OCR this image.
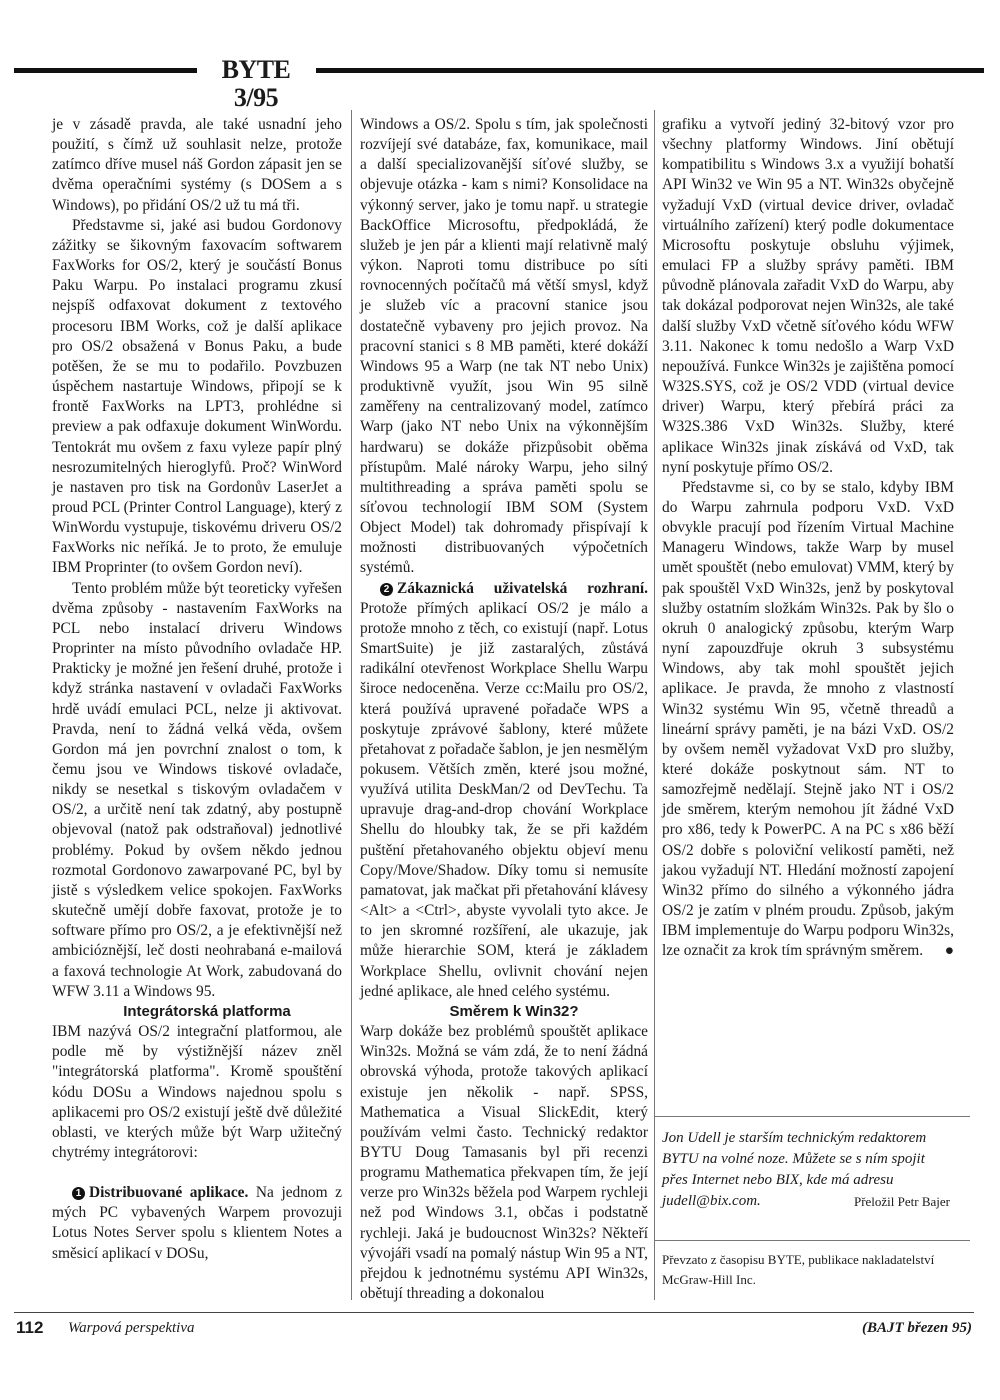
BYTE 3/95

je v zásadě pravda, ale také usnadní jeho použití, s čímž už souhlasit nelze, protože zatímco dříve musel náš Gordon zápasit jen se dvěma operačními systémy (s DOSem a s Windows), po přidání OS/2 už tu má tři.

Představme si, jaké asi budou Gordonovy zážitky se šikovným faxovacím softwarem FaxWorks for OS/2, který je součástí Bonus Paku Warpu. Po instalaci programu zkusí nejspíš odfaxovat dokument z textového procesoru IBM Works, což je další aplikace pro OS/2 obsažená v Bonus Paku, a bude potěšen, že se mu to podařilo. Povzbuzen úspěchem nastartuje Windows, připojí se k frontě FaxWorks na LPT3, prohlédne si preview a pak odfaxuje dokument WinWordu. Tentokrát mu ovšem z faxu vyleze papír plný nesrozumitelných hieroglyfů. Proč? WinWord je nastaven pro tisk na Gordonův LaserJet a proud PCL (Printer Control Language), který z WinWordu vystupuje, tiskovému driveru OS/2 FaxWorks nic neříká. Je to proto, že emuluje IBM Proprinter (to ovšem Gordon neví).

Tento problém může být teoreticky vyřešen dvěma způsoby - nastavením FaxWorks na PCL nebo instalací driveru Windows Proprinter na místo původního ovladače HP. Prakticky je možné jen řešení druhé, protože i když stránka nastavení v ovladači FaxWorks hrdě uvádí emulaci PCL, nelze ji aktivovat. Pravda, není to žádná velká věda, ovšem Gordon má jen povrchní znalost o tom, k čemu jsou ve Windows tiskové ovladače, nikdy se nesetkal s tiskovým ovladačem v OS/2, a určitě není tak zdatný, aby postupně objevoval (natož pak odstraňoval) jednotlivé problémy. Pokud by ovšem někdo jednou rozmotal Gordonovo zawarpované PC, byl by jistě s výsledkem velice spokojen. FaxWorks skutečně umějí dobře faxovat, protože je to software přímo pro OS/2, a je efektivnější než ambicióznější, leč dosti neohrabaná e-mailová a faxová technologie At Work, zabudovaná do WFW 3.11 a Windows 95.

Integrátorská platforma

IBM nazývá OS/2 integrační platformou, ale podle mě by výstižnější název zněl "integrátorská platforma". Kromě spouštění kódu DOSu a Windows najednou spolu s aplikacemi pro OS/2 existují ještě dvě důležité oblasti, ve kterých může být Warp užitečný chytrémy integrátorovi:

1 Distribuované aplikace. Na jednom z mých PC vybavených Warpem provozuji Lotus Notes Server spolu s klientem Notes a směsicí aplikací v DOSu,

Windows a OS/2. Spolu s tím, jak společnosti rozvíjejí své databáze, fax, komunikace, mail a další specializovanější síťové služby, se objevuje otázka - kam s nimi? Konsolidace na výkonný server, jako je tomu např. u strategie BackOffice Microsoftu, předpokládá, že služeb je jen pár a klienti mají relativně malý výkon. Naproti tomu distribuce po síti rovnocenných počítačů má větší smysl, když je služeb víc a pracovní stanice jsou dostatečně vybaveny pro jejich provoz. Na pracovní stanici s 8 MB paměti, které dokáží Windows 95 a Warp (ne tak NT nebo Unix) produktivně využít, jsou Win 95 silně zaměřeny na centralizovaný model, zatímco Warp (jako NT nebo Unix na výkonnějším hardwaru) se dokáže přizpůsobit oběma přístupům. Malé nároky Warpu, jeho silný multithreading a správa paměti spolu se síťovou technologií IBM SOM (System Object Model) tak dohromady přispívají k možnosti distribuovaných výpočetních systémů.

2 Zákaznická uživatelská rozhraní. Protože přímých aplikací OS/2 je málo a protože mnoho z těch, co existují (např. Lotus SmartSuite) je již zastaralých, zůstává radikální otevřenost Workplace Shellu Warpu široce nedoceněna. Verze cc:Mailu pro OS/2, která používá upravené pořadače WPS a poskytuje zprávové šablony, které můžete přetahovat z pořadače šablon, je jen nesmělým pokusem. Větších změn, které jsou možné, využívá utilita DeskMan/2 od DevTechu. Ta upravuje drag-and-drop chování Workplace Shellu do hloubky tak, že se při každém puštění přetahovaného objektu objeví menu Copy/Move/Shadow. Díky tomu si nemusíte pamatovat, jak mačkat při přetahování klávesy <Alt> a <Ctrl>, abyste vyvolali tyto akce. Je to jen skromné rozšíření, ale ukazuje, jak může hierarchie SOM, která je základem Workplace Shellu, ovlivnit chování nejen jedné aplikace, ale hned celého systému.

Směrem k Win32?

Warp dokáže bez problémů spouštět aplikace Win32s. Možná se vám zdá, že to není žádná obrovská výhoda, protože takových aplikací existuje jen několik - např. SPSS, Mathematica a Visual SlickEdit, který používám velmi často. Technický redaktor BYTU Doug Tamasanis byl při recenzi programu Mathematica překvapen tím, že její verze pro Win32s běžela pod Warpem rychleji než pod Windows 3.1, občas i podstatně rychleji. Jaká je budoucnost Win32s? Někteří vývojáři vsadí na pomalý nástup Win 95 a NT, přejdou k jednotnému systému API Win32s, obětují threading a dokonalou

grafiku a vytvoří jediný 32-bitový vzor pro všechny platformy Windows. Jiní obětují kompatibilitu s Windows 3.x a využijí bohatší API Win32 ve Win 95 a NT. Win32s obyčejně vyžadují VxD (virtual device driver, ovladač virtuálního zařízení) který podle dokumentace Microsoftu poskytuje obsluhu výjimek, emulaci FP a služby správy paměti. IBM původně plánovala zařadit VxD do Warpu, aby tak dokázal podporovat nejen Win32s, ale také další služby VxD včetně síťového kódu WFW 3.11. Nakonec k tomu nedošlo a Warp VxD nepoužívá. Funkce Win32s je zajištěna pomocí W32S.SYS, což je OS/2 VDD (virtual device driver) Warpu, který přebírá práci za W32S.386 VxD Win32s. Služby, které aplikace Win32s jinak získává od VxD, tak nyní poskytuje přímo OS/2.

Představme si, co by se stalo, kdyby IBM do Warpu zahrnula podporu VxD. VxD obvykle pracují pod řízením Virtual Machine Manageru Windows, takže Warp by musel umět spouštět (nebo emulovat) VMM, který by pak spouštěl VxD Win32s, jenž by poskytoval služby ostatním složkám Win32s. Pak by šlo o okruh 0 analogický způsobu, kterým Warp nyní zapouzdřuje okruh 3 subsystému Windows, aby tak mohl spouštět jejich aplikace. Je pravda, že mnoho z vlastností Win32 systému Win 95, včetně threadů a lineární správy paměti, je na bázi VxD. OS/2 by ovšem neměl vyžadovat VxD pro služby, které dokáže poskytnout sám. NT to samozřejmě nedělají. Stejně jako NT i OS/2 jde směrem, kterým nemohou jít žádné VxD pro x86, tedy k PowerPC. A na PC s x86 běží OS/2 dobře s poloviční velikostí paměti, než jakou vyžadují NT. Hledání možností zapojení Win32 přímo do silného a výkonného jádra OS/2 je zatím v plném proudu. Způsob, jakým IBM implementuje do Warpu podporu Win32s, lze označit za krok tím správným směrem.	●

Jon Udell je starším technickým redaktorem BYTU na volné noze. Můžete se s ním spojit přes Internet nebo BIX, kde má adresu judell@bix.com.	Přeložil Petr Bajer
Převzato z časopisu BYTE, publikace nakladatelství McGraw-Hill Inc.
112 Warpová perspektiva	(BAJT březen 95)
